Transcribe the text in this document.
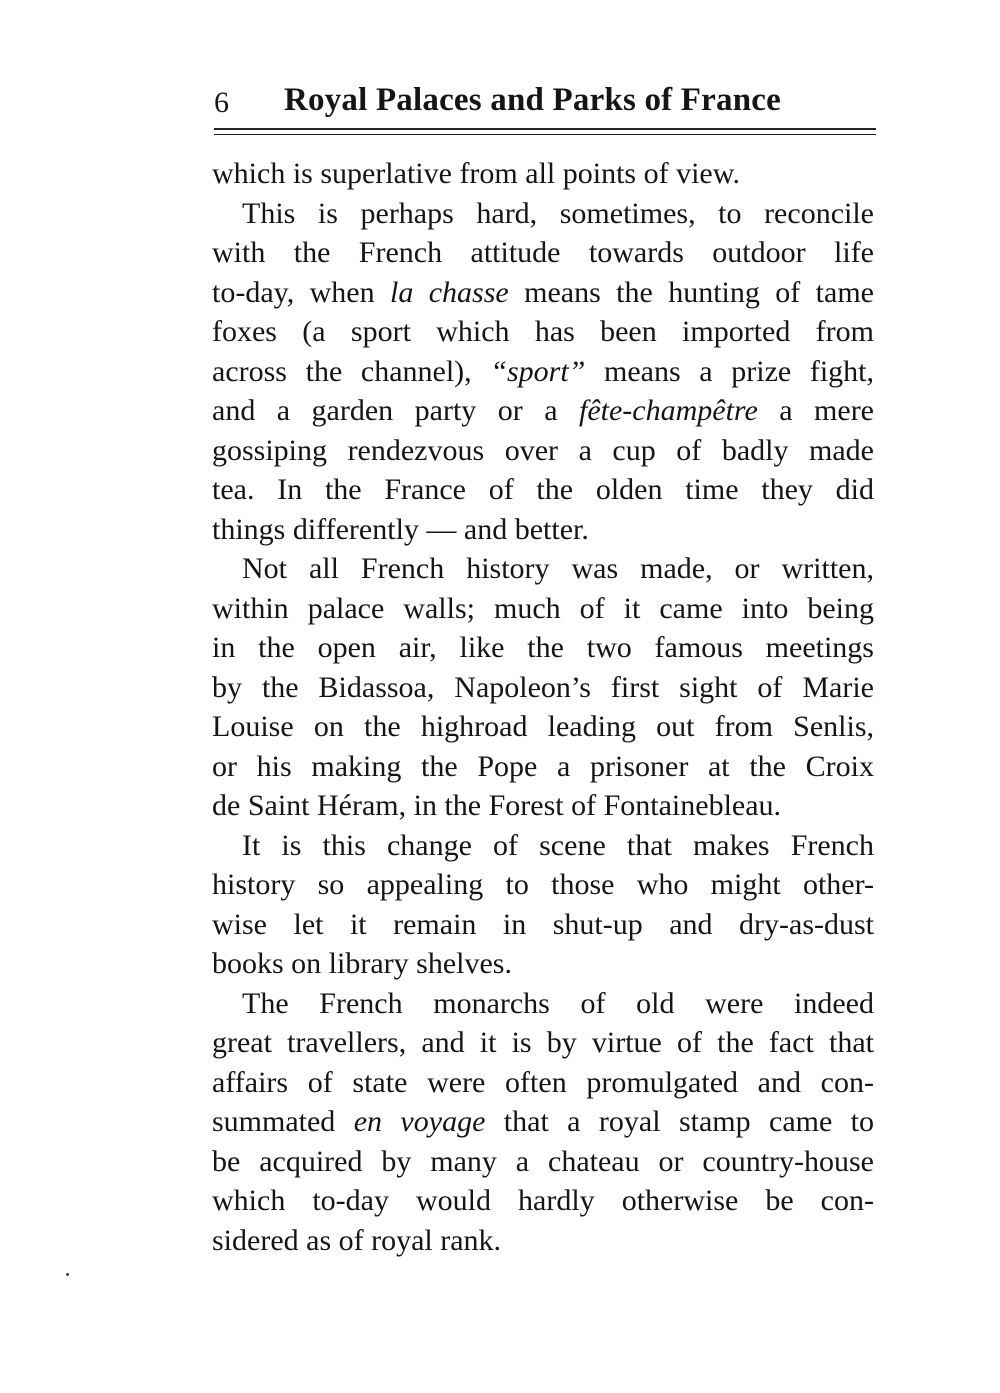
6 Royal Palaces and Parks of France

which is superlative from all points of view.

This is perhaps hard, sometimes, to reconcile
with the French attitude towards outdoor life
to-day, when la chasse means the hunting of tame
foxes (a sport which has been imported from
across the channel), “sport” means a prize fight,
and a garden party or a fête-champêtre a mere
gossiping rendezvous over a cup of badly made
tea. In the France of the olden time they did
things differently — and better.

Not all French history was made, or written,
within palace walls; much of it came into being
in the open air, like the two famous meetings
by the Bidassoa, Napoleon’s first sight of Marie
Louise on the highroad leading out from Senlis,
or his making the Pope a prisoner at the Croix
de Saint Héram, in the Forest of Fontainebleau.

It is this change of scene that makes French
history so appealing to those who might other-
wise let it remain in shut-up and dry-as-dust
books on library shelves.

The French monarchs of old were indeed
great travellers, and it is by virtue of the fact that
affairs of state were often promulgated and con-
summated en voyage that a royal stamp came to
be acquired by many a chateau or country-house
which to-day would hardly otherwise be con-
sidered as of royal rank.
